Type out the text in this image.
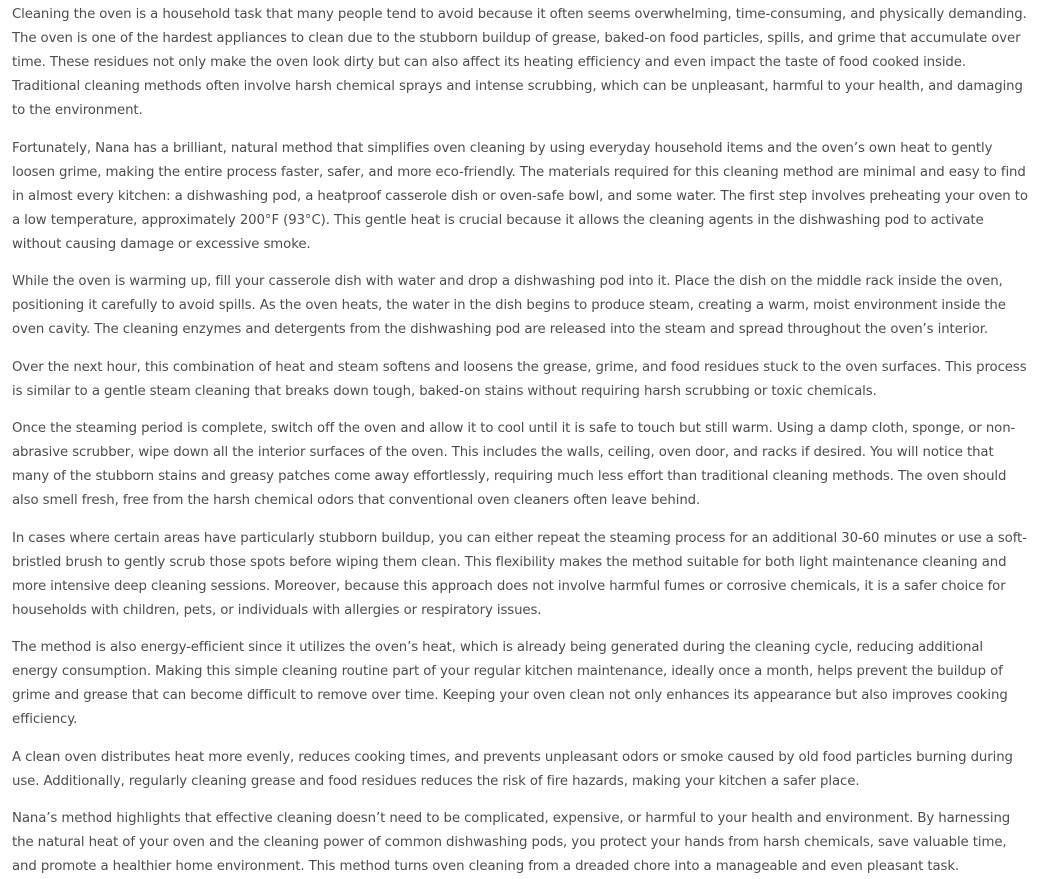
Cleaning the oven is a household task that many people tend to avoid because it often seems overwhelming, time-consuming, and physically demanding. The oven is one of the hardest appliances to clean due to the stubborn buildup of grease, baked-on food particles, spills, and grime that accumulate over time. These residues not only make the oven look dirty but can also affect its heating efficiency and even impact the taste of food cooked inside. Traditional cleaning methods often involve harsh chemical sprays and intense scrubbing, which can be unpleasant, harmful to your health, and damaging to the environment.

Fortunately, Nana has a brilliant, natural method that simplifies oven cleaning by using everyday household items and the oven’s own heat to gently loosen grime, making the entire process faster, safer, and more eco-friendly. The materials required for this cleaning method are minimal and easy to find in almost every kitchen: a dishwashing pod, a heatproof casserole dish or oven-safe bowl, and some water. The first step involves preheating your oven to a low temperature, approximately 200°F (93°C). This gentle heat is crucial because it allows the cleaning agents in the dishwashing pod to activate without causing damage or excessive smoke.

While the oven is warming up, fill your casserole dish with water and drop a dishwashing pod into it. Place the dish on the middle rack inside the oven, positioning it carefully to avoid spills. As the oven heats, the water in the dish begins to produce steam, creating a warm, moist environment inside the oven cavity. The cleaning enzymes and detergents from the dishwashing pod are released into the steam and spread throughout the oven’s interior.

Over the next hour, this combination of heat and steam softens and loosens the grease, grime, and food residues stuck to the oven surfaces. This process is similar to a gentle steam cleaning that breaks down tough, baked-on stains without requiring harsh scrubbing or toxic chemicals.

Once the steaming period is complete, switch off the oven and allow it to cool until it is safe to touch but still warm. Using a damp cloth, sponge, or non-abrasive scrubber, wipe down all the interior surfaces of the oven. This includes the walls, ceiling, oven door, and racks if desired. You will notice that many of the stubborn stains and greasy patches come away effortlessly, requiring much less effort than traditional cleaning methods. The oven should also smell fresh, free from the harsh chemical odors that conventional oven cleaners often leave behind.

In cases where certain areas have particularly stubborn buildup, you can either repeat the steaming process for an additional 30-60 minutes or use a soft-bristled brush to gently scrub those spots before wiping them clean. This flexibility makes the method suitable for both light maintenance cleaning and more intensive deep cleaning sessions. Moreover, because this approach does not involve harmful fumes or corrosive chemicals, it is a safer choice for households with children, pets, or individuals with allergies or respiratory issues.

The method is also energy-efficient since it utilizes the oven’s heat, which is already being generated during the cleaning cycle, reducing additional energy consumption. Making this simple cleaning routine part of your regular kitchen maintenance, ideally once a month, helps prevent the buildup of grime and grease that can become difficult to remove over time. Keeping your oven clean not only enhances its appearance but also improves cooking efficiency.

A clean oven distributes heat more evenly, reduces cooking times, and prevents unpleasant odors or smoke caused by old food particles burning during use. Additionally, regularly cleaning grease and food residues reduces the risk of fire hazards, making your kitchen a safer place.

Nana’s method highlights that effective cleaning doesn’t need to be complicated, expensive, or harmful to your health and environment. By harnessing the natural heat of your oven and the cleaning power of common dishwashing pods, you protect your hands from harsh chemicals, save valuable time, and promote a healthier home environment. This method turns oven cleaning from a dreaded chore into a manageable and even pleasant task.
